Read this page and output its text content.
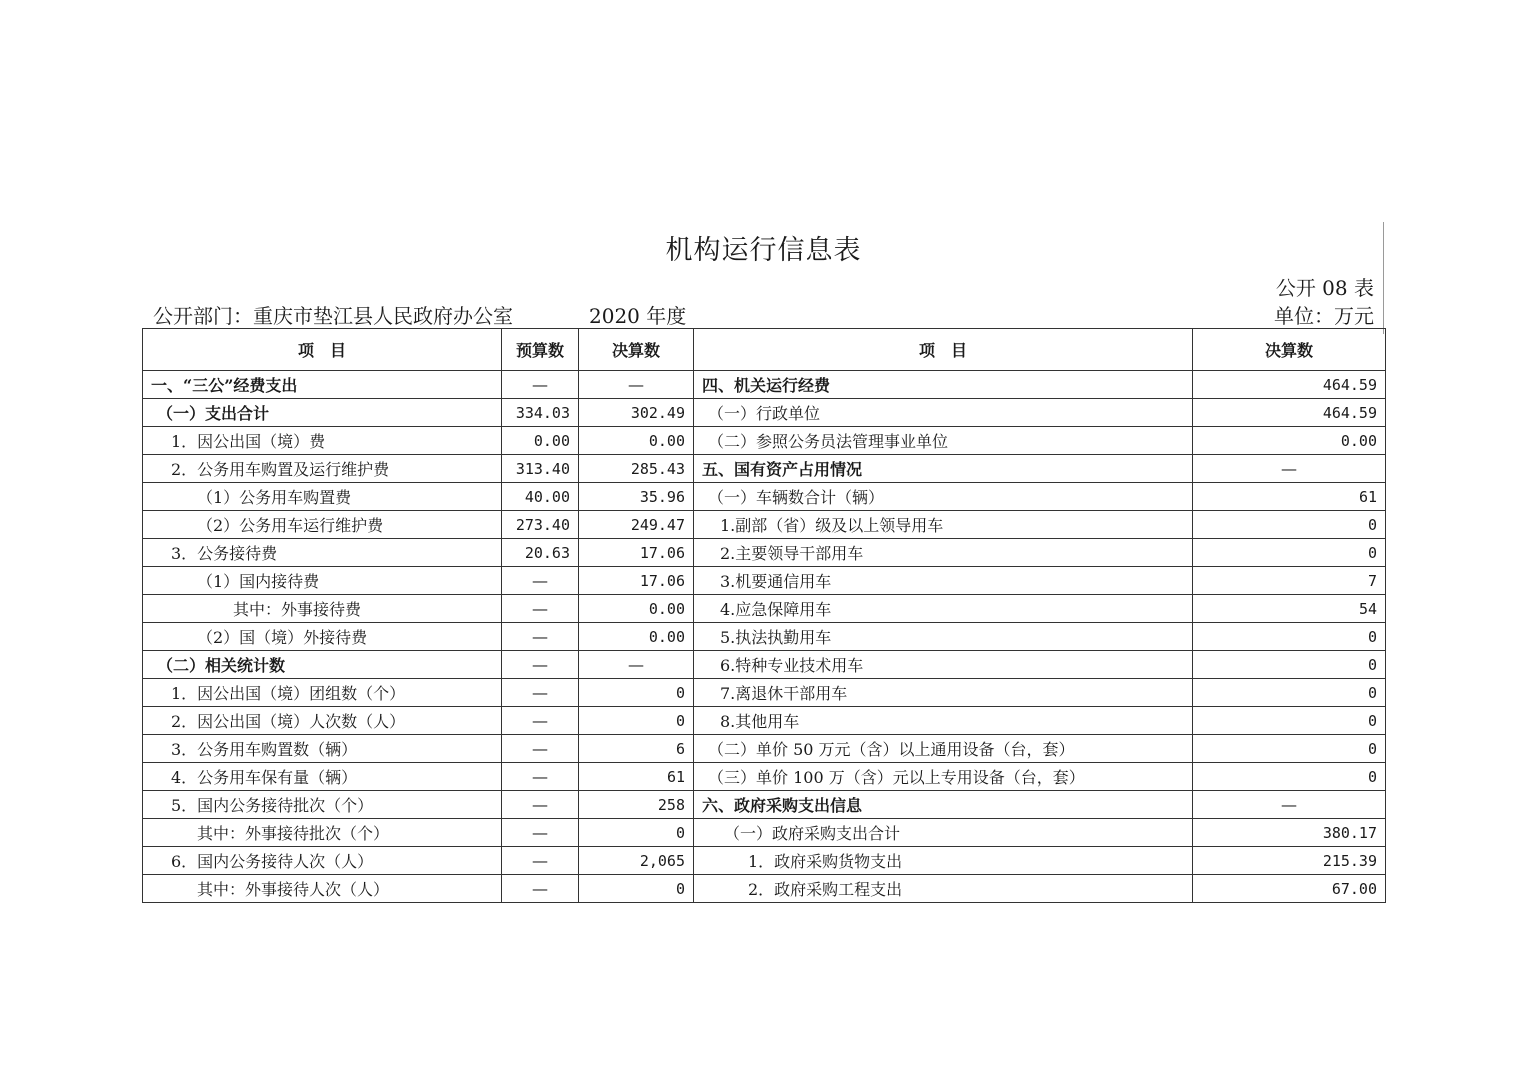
机构运行信息表
公开 08 表
公开部门：重庆市垫江县人民政府办公室	2020 年度	单位：万元
项　目	预算数	决算数	项　目	决算数
一、“三公”经费支出	—	—	四、机关运行经费	464.59
（一）支出合计	334.03	302.49	（一）行政单位	464.59
1．因公出国（境）费	0.00	0.00	（二）参照公务员法管理事业单位	0.00
2．公务用车购置及运行维护费	313.40	285.43	五、国有资产占用情况	—
（1）公务用车购置费	40.00	35.96	（一）车辆数合计（辆）	61
（2）公务用车运行维护费	273.40	249.47	1.副部（省）级及以上领导用车	0
3．公务接待费	20.63	17.06	2.主要领导干部用车	0
（1）国内接待费	—	17.06	3.机要通信用车	7
其中：外事接待费	—	0.00	4.应急保障用车	54
（2）国（境）外接待费	—	0.00	5.执法执勤用车	0
（二）相关统计数	—	—	6.特种专业技术用车	0
1．因公出国（境）团组数（个）	—	0	7.离退休干部用车	0
2．因公出国（境）人次数（人）	—	0	8.其他用车	0
3．公务用车购置数（辆）	—	6	（二）单价 50 万元（含）以上通用设备（台，套）	0
4．公务用车保有量（辆）	—	61	（三）单价 100 万（含）元以上专用设备（台，套）	0
5．国内公务接待批次（个）	—	258	六、政府采购支出信息	—
其中：外事接待批次（个）	—	0	（一）政府采购支出合计	380.17
6．国内公务接待人次（人）	—	2,065	1．政府采购货物支出	215.39
其中：外事接待人次（人）	—	0	2．政府采购工程支出	67.00
